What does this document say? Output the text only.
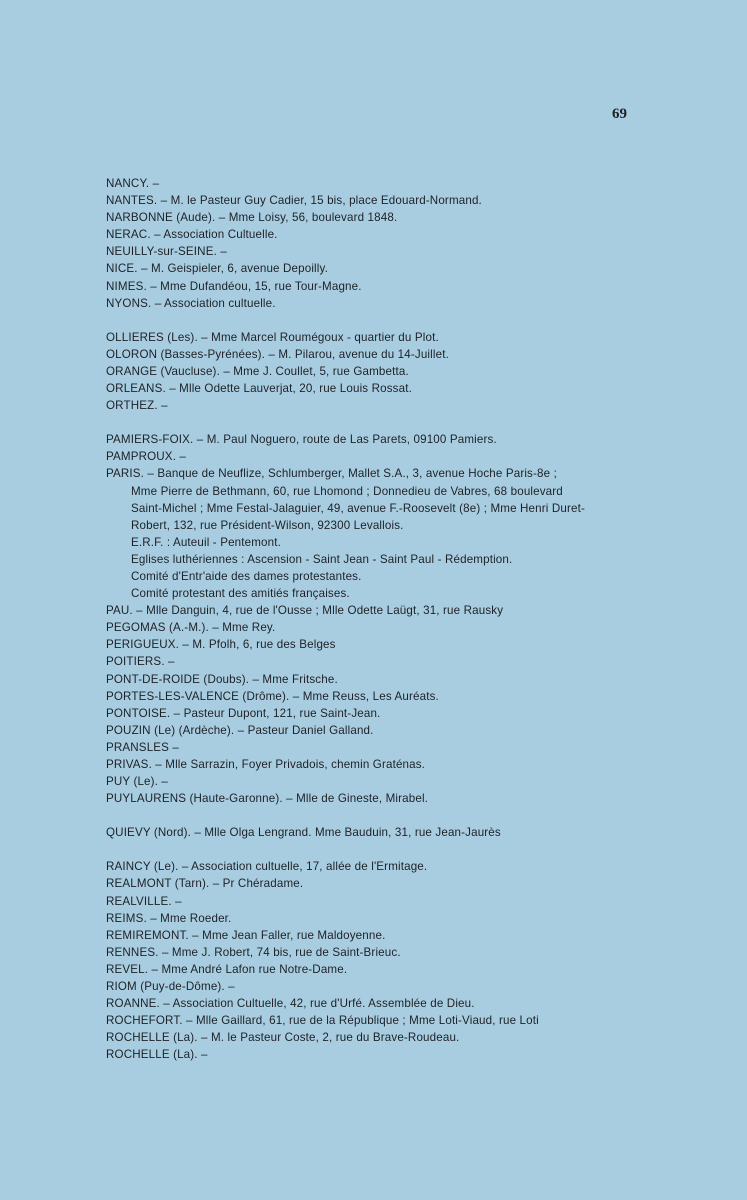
69
NANCY. –
NANTES. – M. le Pasteur Guy Cadier, 15 bis, place Edouard-Normand.
NARBONNE (Aude). – Mme Loisy, 56, boulevard 1848.
NERAC. – Association Cultuelle.
NEUILLY-sur-SEINE. –
NICE. – M. Geispieler, 6, avenue Depoilly.
NIMES. – Mme Dufandéou, 15, rue Tour-Magne.
NYONS. – Association cultuelle.
OLLIERES (Les). – Mme Marcel Roumégoux - quartier du Plot.
OLORON (Basses-Pyrénées). – M. Pilarou, avenue du 14-Juillet.
ORANGE (Vaucluse). – Mme J. Coullet, 5, rue Gambetta.
ORLEANS. – Mlle Odette Lauverjat, 20, rue Louis Rossat.
ORTHEZ. –
PAMIERS-FOIX. – M. Paul Noguero, route de Las Parets, 09100 Pamiers.
PAMPROUX. –
PARIS. – Banque de Neuflize, Schlumberger, Mallet S.A., 3, avenue Hoche Paris-8e ;
Mme Pierre de Bethmann, 60, rue Lhomond ; Donnedieu de Vabres, 68 boulevard
Saint-Michel ; Mme Festal-Jalaguier, 49, avenue F.-Roosevelt (8e) ; Mme Henri Duret-
Robert, 132, rue Président-Wilson, 92300 Levallois.
E.R.F. : Auteuil - Pentemont.
Eglises luthériennes : Ascension - Saint Jean - Saint Paul - Rédemption.
Comité d'Entr'aide des dames protestantes.
Comité protestant des amitiés françaises.
PAU. – Mlle Danguin, 4, rue de l'Ousse ; Mlle Odette Laügt, 31, rue Rausky
PEGOMAS (A.-M.). – Mme Rey.
PERIGUEUX. – M. Pfolh, 6, rue des Belges
POITIERS. –
PONT-DE-ROIDE (Doubs). – Mme Fritsche.
PORTES-LES-VALENCE (Drôme). – Mme Reuss, Les Auréats.
PONTOISE. – Pasteur Dupont, 121, rue Saint-Jean.
POUZIN (Le) (Ardèche). – Pasteur Daniel Galland.
PRANSLES –
PRIVAS. – Mlle Sarrazin, Foyer Privadois, chemin Graténas.
PUY (Le). –
PUYLAURENS (Haute-Garonne). – Mlle de Gineste, Mirabel.
QUIEVY (Nord). – Mlle Olga Lengrand. Mme Bauduin, 31, rue Jean-Jaurès
RAINCY (Le). – Association cultuelle, 17, allée de l'Ermitage.
REALMONT (Tarn). – Pr Chéradame.
REALVILLE. –
REIMS. – Mme Roeder.
REMIREMONT. – Mme Jean Faller, rue Maldoyenne.
RENNES. – Mme J. Robert, 74 bis, rue de Saint-Brieuc.
REVEL. – Mme André Lafon rue Notre-Dame.
RIOM (Puy-de-Dôme). –
ROANNE. – Association Cultuelle, 42, rue d'Urfé. Assemblée de Dieu.
ROCHEFORT. – Mlle Gaillard, 61, rue de la République ; Mme Loti-Viaud, rue Loti
ROCHELLE (La). – M. le Pasteur Coste, 2, rue du Brave-Roudeau.
ROCHELLE (La). –
